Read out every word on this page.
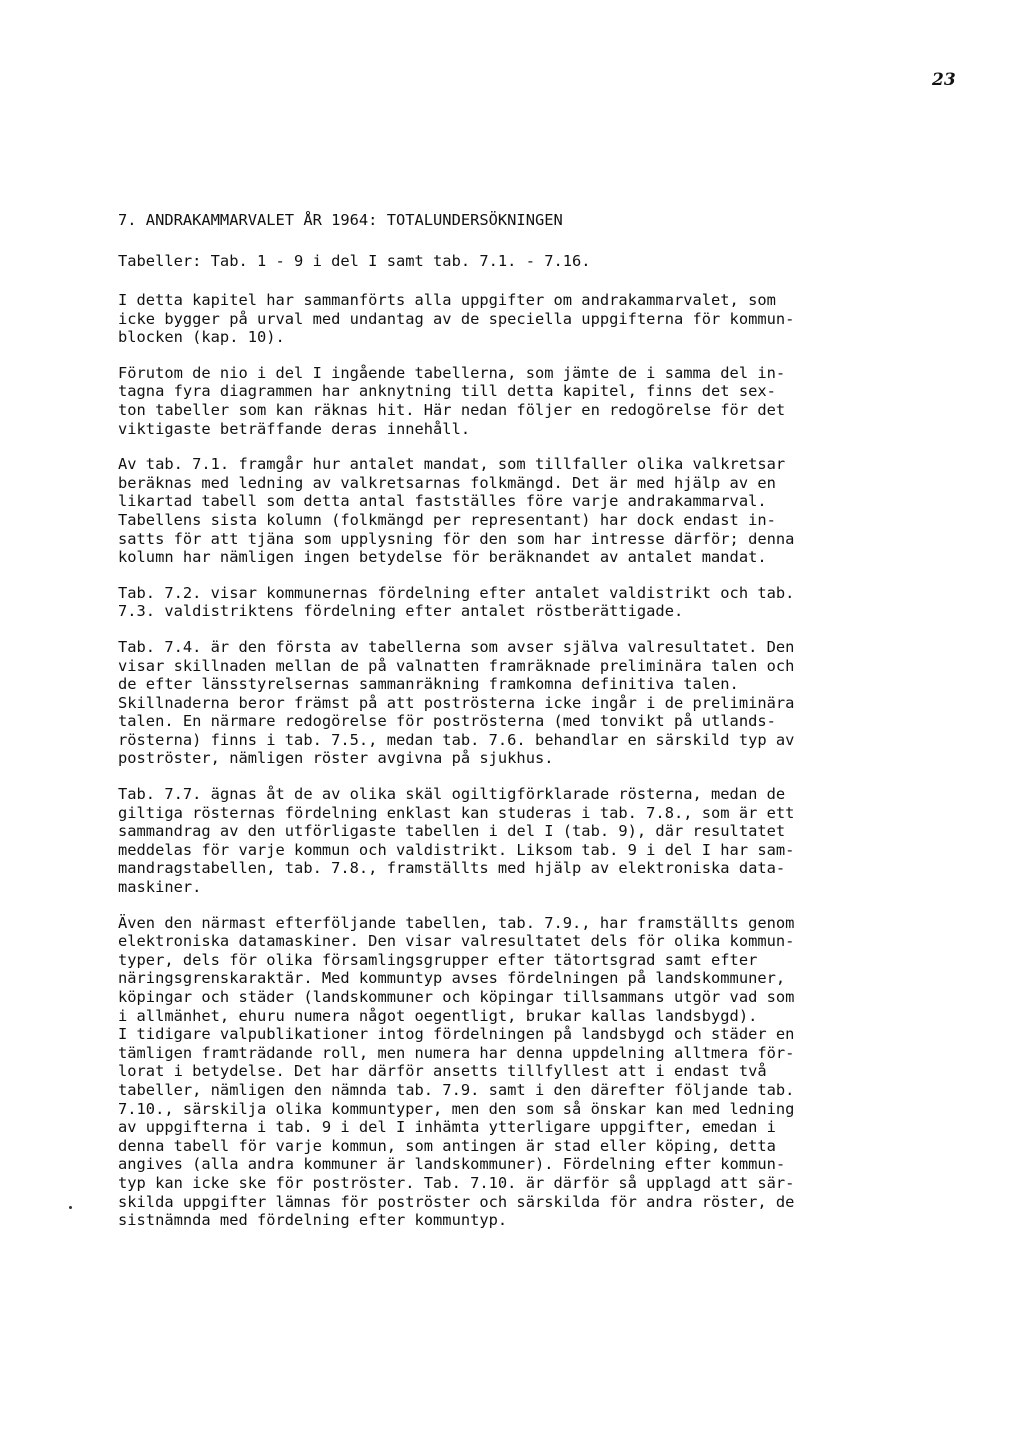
23
7. ANDRAKAMMARVALET ÅR 1964: TOTALUNDERSÖKNINGEN
Tabeller: Tab. 1 - 9 i del I samt tab. 7.1. - 7.16.
I detta kapitel har sammanförts alla uppgifter om andrakammarvalet, som
icke bygger på urval med undantag av de speciella uppgifterna för kommun-
blocken (kap. 10).
Förutom de nio i del I ingående tabellerna, som jämte de i samma del in-
tagna fyra diagrammen har anknytning till detta kapitel, finns det sex-
ton tabeller som kan räknas hit. Här nedan följer en redogörelse för det
viktigaste beträffande deras innehåll.
Av tab. 7.1. framgår hur antalet mandat, som tillfaller olika valkretsar
beräknas med ledning av valkretsarnas folkmängd. Det är med hjälp av en
likartad tabell som detta antal fastställes före varje andrakammarval.
Tabellens sista kolumn (folkmängd per representant) har dock endast in-
satts för att tjäna som upplysning för den som har intresse därför; denna
kolumn har nämligen ingen betydelse för beräknandet av antalet mandat.
Tab. 7.2. visar kommunernas fördelning efter antalet valdistrikt och tab.
7.3. valdistriktens fördelning efter antalet röstberättigade.
Tab. 7.4. är den första av tabellerna som avser själva valresultatet. Den
visar skillnaden mellan de på valnatten framräknade preliminära talen och
de efter länsstyrelsernas sammanräkning framkomna definitiva talen.
Skillnaderna beror främst på att poströsterna icke ingår i de preliminära
talen. En närmare redogörelse för poströsterna (med tonvikt på utlands-
rösterna) finns i tab. 7.5., medan tab. 7.6. behandlar en särskild typ av
poströster, nämligen röster avgivna på sjukhus.
Tab. 7.7. ägnas åt de av olika skäl ogiltigförklarade rösterna, medan de
giltiga rösternas fördelning enklast kan studeras i tab. 7.8., som är ett
sammandrag av den utförligaste tabellen i del I (tab. 9), där resultatet
meddelas för varje kommun och valdistrikt. Liksom tab. 9 i del I har sam-
mandragstabellen, tab. 7.8., framställts med hjälp av elektroniska data-
maskiner.
Även den närmast efterföljande tabellen, tab. 7.9., har framställts genom
elektroniska datamaskiner. Den visar valresultatet dels för olika kommun-
typer, dels för olika församlingsgrupper efter tätortsgrad samt efter
näringsgrenskaraktär. Med kommuntyp avses fördelningen på landskommuner,
köpingar och städer (landskommuner och köpingar tillsammans utgör vad som
i allmänhet, ehuru numera något oegentligt, brukar kallas landsbygd).
I tidigare valpublikationer intog fördelningen på landsbygd och städer en
tämligen framträdande roll, men numera har denna uppdelning alltmera för-
lorat i betydelse. Det har därför ansetts tillfyllest att i endast två
tabeller, nämligen den nämnda tab. 7.9. samt i den därefter följande tab.
7.10., särskilja olika kommuntyper, men den som så önskar kan med ledning
av uppgifterna i tab. 9 i del I inhämta ytterligare uppgifter, emedan i
denna tabell för varje kommun, som antingen är stad eller köping, detta
angives (alla andra kommuner är landskommuner). Fördelning efter kommun-
typ kan icke ske för poströster. Tab. 7.10. är därför så upplagd att sär-
skilda uppgifter lämnas för poströster och särskilda för andra röster, de
sistnämnda med fördelning efter kommuntyp.
